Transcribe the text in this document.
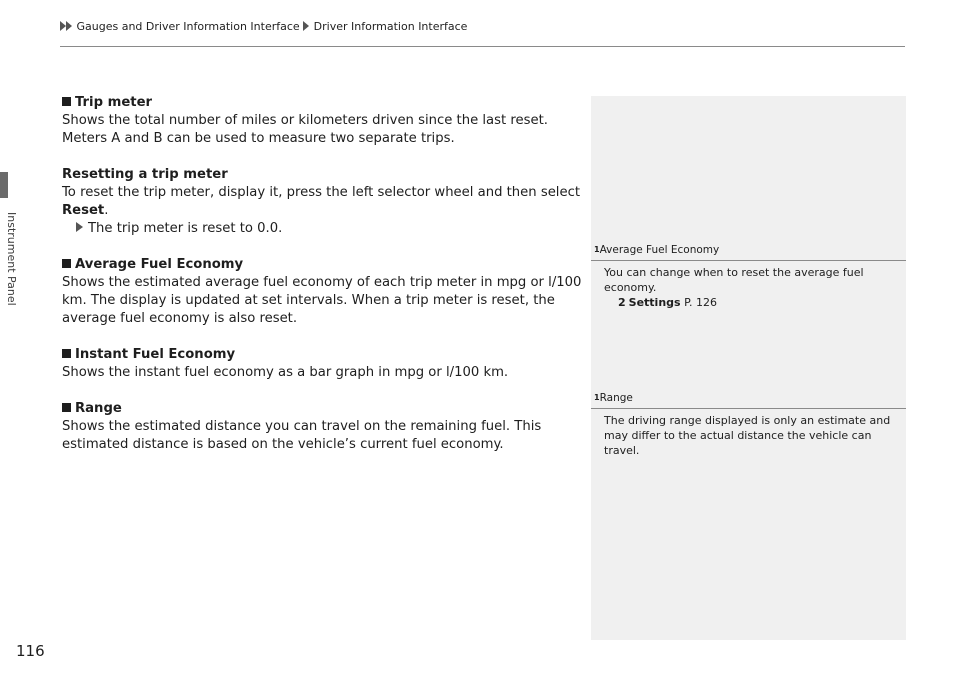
Instrument Panel
Gauges and Driver Information Interface Driver Information Interface

Trip meter

Shows the total number of miles or kilometers driven since the last reset. Meters A and B can be used to measure two separate trips.

Resetting a trip meter

To reset the trip meter, display it, press the left selector wheel and then select Reset.

The trip meter is reset to 0.0.

Average Fuel Economy

Shows the estimated average fuel economy of each trip meter in mpg or l/100 km. The display is updated at set intervals. When a trip meter is reset, the average fuel economy is also reset.

Instant Fuel Economy

Shows the instant fuel economy as a bar graph in mpg or l/100 km.

Range

Shows the estimated distance you can travel on the remaining fuel. This estimated distance is based on the vehicle’s current fuel economy.

1Average Fuel Economy

You can change when to reset the average fuel economy.

2 Settings P. 126

1Range

The driving range displayed is only an estimate and may differ to the actual distance the vehicle can travel.

116
